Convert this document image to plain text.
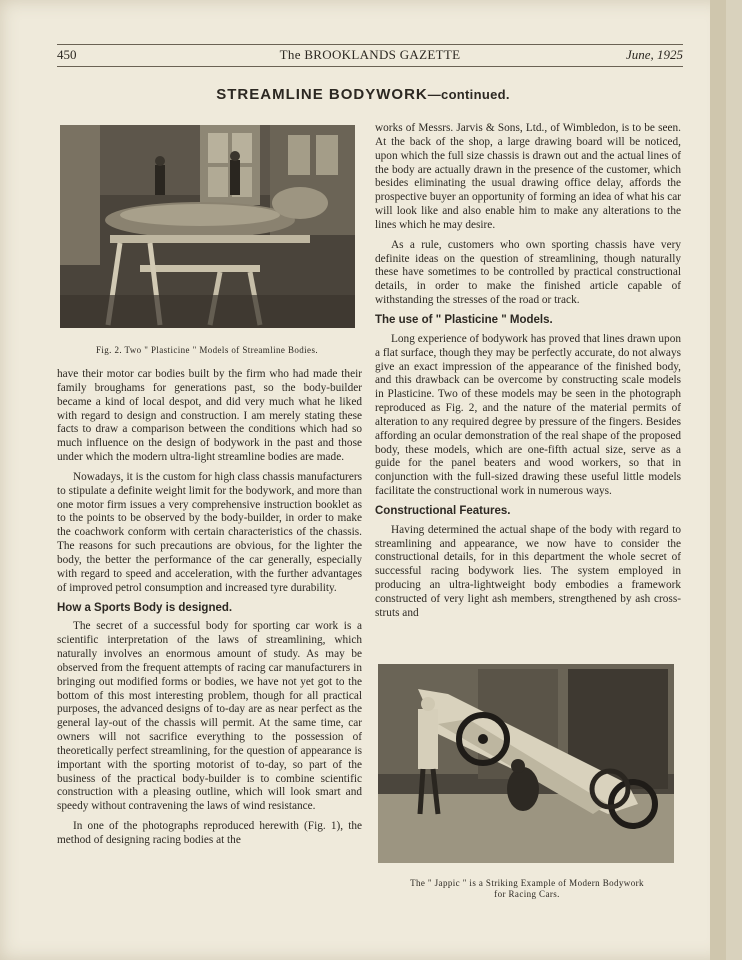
450	The BROOKLANDS GAZETTE	June, 1925
STREAMLINE BODYWORK—continued.
Fig. 2. Two " Plasticine " Models of Streamline Bodies.

have their motor car bodies built by the firm who had made their family broughams for generations past, so the body-builder became a kind of local despot, and did very much what he liked with regard to design and construction. I am merely stating these facts to draw a comparison between the conditions which had so much influence on the design of bodywork in the past and those under which the modern ultra-light streamline bodies are made.

Nowadays, it is the custom for high class chassis manufacturers to stipulate a definite weight limit for the bodywork, and more than one motor firm issues a very comprehensive instruction booklet as to the points to be observed by the body-builder, in order to make the coachwork conform with certain characteristics of the chassis. The reasons for such precautions are obvious, for the lighter the body, the better the performance of the car generally, especially with regard to speed and acceleration, with the further advantages of improved petrol consumption and increased tyre durability.

How a Sports Body is designed.

The secret of a successful body for sporting car work is a scientific interpretation of the laws of streamlining, which naturally involves an enormous amount of study. As may be observed from the frequent attempts of racing car manufacturers in bringing out modified forms or bodies, we have not yet got to the bottom of this most interesting problem, though for all practical purposes, the advanced designs of to-day are as near perfect as the general lay-out of the chassis will permit. At the same time, car owners will not sacrifice everything to the possession of theoretically perfect streamlining, for the question of appearance is important with the sporting motorist of to-day, so part of the business of the practical body-builder is to combine scientific construction with a pleasing outline, which will look smart and speedy without contravening the laws of wind resistance.

In one of the photographs reproduced herewith (Fig. 1), the method of designing racing bodies at the

works of Messrs. Jarvis & Sons, Ltd., of Wimbledon, is to be seen. At the back of the shop, a large drawing board will be noticed, upon which the full size chassis is drawn out and the actual lines of the body are actually drawn in the presence of the customer, which besides eliminating the usual drawing office delay, affords the prospective buyer an opportunity of forming an idea of what his car will look like and also enable him to make any alterations to the lines which he may desire.

As a rule, customers who own sporting chassis have very definite ideas on the question of streamlining, though naturally these have sometimes to be controlled by practical constructional details, in order to make the finished article capable of withstanding the stresses of the road or track.

The use of " Plasticine " Models.

Long experience of bodywork has proved that lines drawn upon a flat surface, though they may be perfectly accurate, do not always give an exact impression of the appearance of the finished body, and this drawback can be overcome by constructing scale models in Plasticine. Two of these models may be seen in the photograph reproduced as Fig. 2, and the nature of the material permits of alteration to any required degree by pressure of the fingers. Besides affording an ocular demonstration of the real shape of the proposed body, these models, which are one-fifth actual size, serve as a guide for the panel beaters and wood workers, so that in conjunction with the full-sized drawing these useful little models facilitate the constructional work in numerous ways.

Constructional Features.

Having determined the actual shape of the body with regard to streamlining and appearance, we now have to consider the constructional details, for in this department the whole secret of successful racing bodywork lies. The system employed in producing an ultra-lightweight body embodies a framework constructed of very light ash members, strengthened by ash cross-struts and

The " Jappic " is a Striking Example of Modern Bodywork
for Racing Cars.
